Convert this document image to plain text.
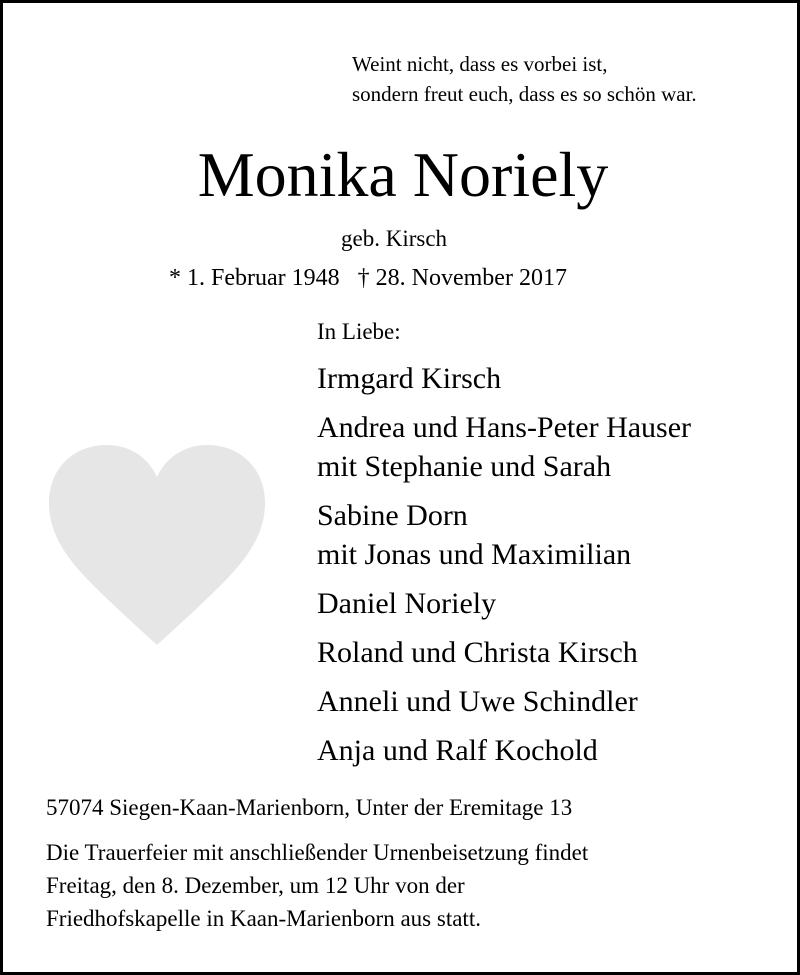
Weint nicht, dass es vorbei ist,
sondern freut euch, dass es so schön war.
Monika Noriely
geb. Kirsch
* 1. Februar 1948 † 28. November 2017
In Liebe:
Irmgard Kirsch
Andrea und Hans-Peter Hauser
mit Stephanie und Sarah
Sabine Dorn
mit Jonas und Maximilian
Daniel Noriely
Roland und Christa Kirsch
Anneli und Uwe Schindler
Anja und Ralf Kochold
57074 Siegen-Kaan-Marienborn, Unter der Eremitage 13
Die Trauerfeier mit anschließender Urnenbeisetzung findet
Freitag, den 8. Dezember, um 12 Uhr von der
Friedhofskapelle in Kaan-Marienborn aus statt.
